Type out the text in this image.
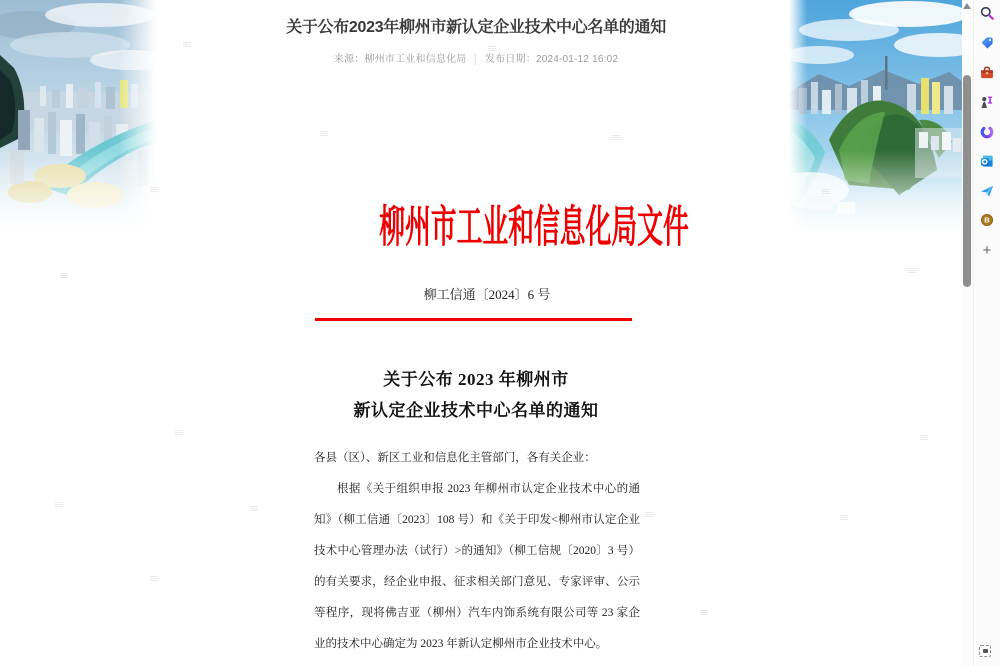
关于公布2023年柳州市新认定企业技术中心名单的通知
来源：柳州市工业和信息化局 │ 发布日期：2024-01-12 16:02
柳州市工业和信息化局文件
柳工信通〔2024〕6 号
关于公布 2023 年柳州市
新认定企业技术中心名单的通知
各县（区）、新区工业和信息化主管部门，各有关企业：
根据《关于组织申报 2023 年柳州市认定企业技术中心的通
知》（柳工信通〔2023〕108 号）和《关于印发<柳州市认定企业
技术中心管理办法（试行）>的通知》（柳工信规〔2020〕3 号）
的有关要求，经企业申报、征求相关部门意见、专家评审、公示
等程序，现将佛吉亚（柳州）汽车内饰系统有限公司等 23 家企
业的技术中心确定为 2023 年新认定柳州市企业技术中心。
B
+
